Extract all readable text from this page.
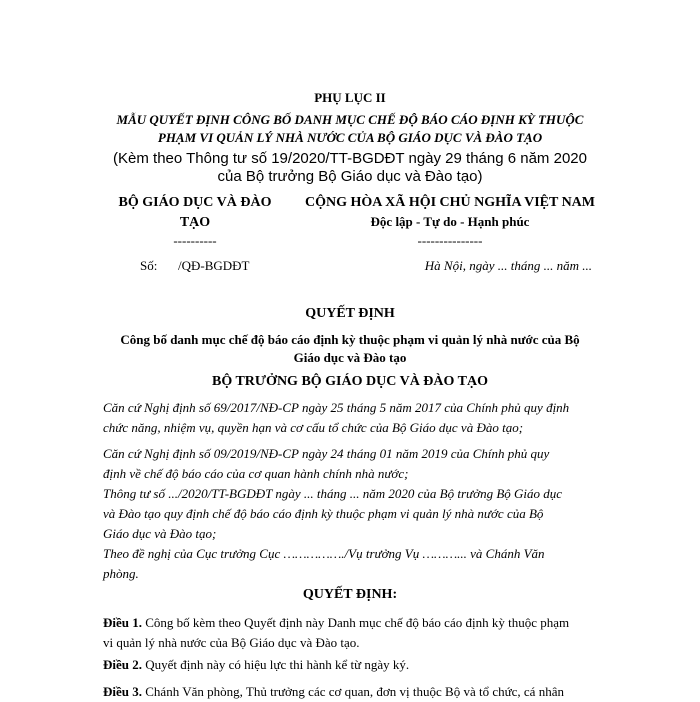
PHỤ LỤC II
MẪU QUYẾT ĐỊNH CÔNG BỐ DANH MỤC CHẾ ĐỘ BÁO CÁO ĐỊNH KỲ THUỘC
PHẠM VI QUẢN LÝ NHÀ NƯỚC CỦA BỘ GIÁO DỤC VÀ ĐÀO TẠO
(Kèm theo Thông tư số 19/2020/TT-BGDĐT ngày 29 tháng 6 năm 2020
của Bộ trưởng Bộ Giáo dục và Đào tạo)
BỘ GIÁO DỤC VÀ ĐÀO
TẠO
----------
CỘNG HÒA XÃ HỘI CHỦ NGHĨA VIỆT NAM
Độc lập - Tự do - Hạnh phúc
---------------
Số: /QĐ-BGDĐT	Hà Nội, ngày ... tháng ... năm ...
QUYẾT ĐỊNH
Công bố danh mục chế độ báo cáo định kỳ thuộc phạm vi quản lý nhà nước của Bộ
Giáo dục và Đào tạo
BỘ TRƯỞNG BỘ GIÁO DỤC VÀ ĐÀO TẠO
Căn cứ Nghị định số 69/2017/NĐ-CP ngày 25 tháng 5 năm 2017 của Chính phủ quy định
chức năng, nhiệm vụ, quyền hạn và cơ cấu tổ chức của Bộ Giáo dục và Đào tạo;
Căn cứ Nghị định số 09/2019/NĐ-CP ngày 24 tháng 01 năm 2019 của Chính phủ quy
định về chế độ báo cáo của cơ quan hành chính nhà nước;
Thông tư số .../2020/TT-BGDĐT ngày ... tháng ... năm 2020 của Bộ trưởng Bộ Giáo dục
và Đào tạo quy định chế độ báo cáo định kỳ thuộc phạm vi quản lý nhà nước của Bộ
Giáo dục và Đào tạo;
Theo đề nghị của Cục trưởng Cục ……………./Vụ trưởng Vụ ………... và Chánh Văn
phòng.
QUYẾT ĐỊNH:
Điều 1. Công bố kèm theo Quyết định này Danh mục chế độ báo cáo định kỳ thuộc phạm
vi quản lý nhà nước của Bộ Giáo dục và Đào tạo.
Điều 2. Quyết định này có hiệu lực thi hành kể từ ngày ký.
Điều 3. Chánh Văn phòng, Thủ trưởng các cơ quan, đơn vị thuộc Bộ và tổ chức, cá nhân
